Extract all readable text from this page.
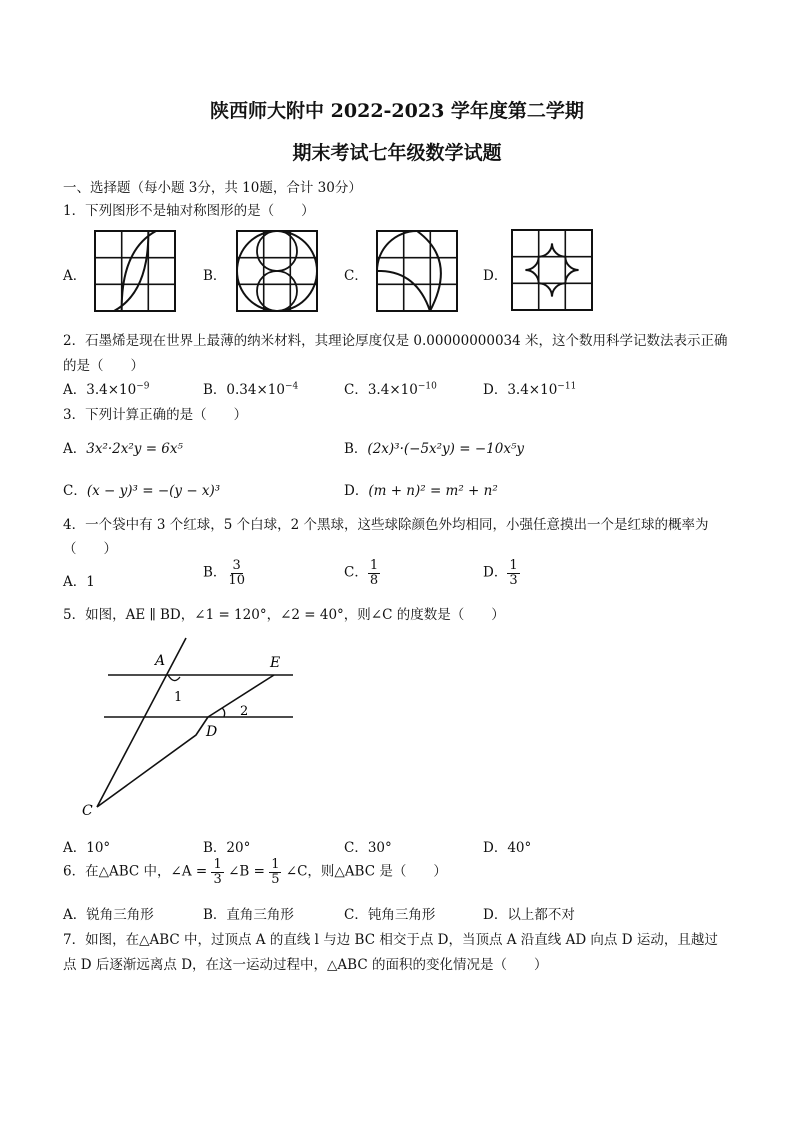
陕西师大附中 2022-2023 学年度第二学期
期末考试七年级数学试题
一、选择题（每小题 3分，共 10题，合计 30分）
1．下列图形不是轴对称图形的是（　　）
A．	B．	C．	D．
2．石墨烯是现在世界上最薄的纳米材料，其理论厚度仅是 0.00000000034 米，这个数用科学记数法表示正确
的是（　　）
A．$3.4\times 10^{-9}$	B．$0.34\times 10^{-4}$	C．$3.4\times 10^{-10}$	D．$3.4\times 10^{-11}$
3．下列计算正确的是（　　）
A．3x²·2x²y = 6x⁵	B．(2x)³·(−5x²y) = −10x⁵y
C．(x − y)³ = −(y − x)³	D．(m + n)² = m² + n²
4．一个袋中有 3 个红球，5 个白球，2 个黑球，这些球除颜色外均相同，小强任意摸出一个是红球的概率为
（　　）
A．1
B． $\frac{3}{10}$	C． $\frac{1}{8}$	D． $\frac{1}{3}$
5．如图，AE ∥ BD，∠1 = 120°，∠2 = 40°，则∠C 的度数是（　　）
A	E
D
C
1
2
A．10°	B．20°	C．30°	D．40°
6．在△ABC 中，∠A = $\frac{1}{3}$ ∠B = $\frac{1}{5}$ ∠C，则△ABC 是（　　）
A．锐角三角形	B．直角三角形	C．钝角三角形	D．以上都不对
7．如图，在△ABC 中，过顶点 A 的直线 l 与边 BC 相交于点 D，当顶点 A 沿直线 AD 向点 D 运动，且越过
点 D 后逐渐远离点 D，在这一运动过程中，△ABC 的面积的变化情况是（　　）
